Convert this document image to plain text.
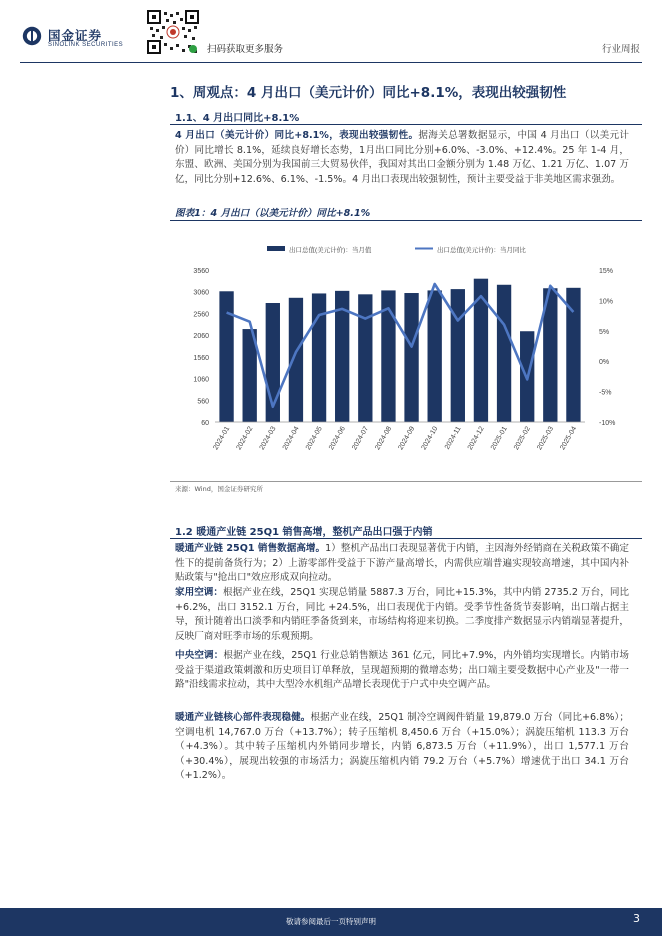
国金证券
SINOLINK SECURITIES	扫码获取更多服务	行业周报
1、周观点：4 月出口（美元计价）同比+8.1%，表现出较强韧性
1.1、4 月出口同比+8.1%
4 月出口（美元计价）同比+8.1%，表现出较强韧性。据海关总署数据显示，中国 4 月出口（以美元计价）同比增长 8.1%，延续良好增长态势，1月出口同比分别+6.0%、-3.0%、+12.4%。25 年 1-4 月，东盟、欧洲、美国分别为我国前三大贸易伙伴，我国对其出口金额分别为 1.48 万亿、1.21 万亿、1.07 万亿，同比分别+12.6%、6.1%、-1.5%。4 月出口表现出较强韧性，预计主要受益于非美地区需求强劲。
图表1：4 月出口（以美元计价）同比+8.1%
出口总值(美元计价)：当月值	出口总值(美元计价)：当月同比
60
560
1060
1560
2060
2560
3060
3560
-10%
-5%
0%
5%
10%
15%
2024-01 2024-02 2024-03 2024-04 2024-05 2024-06 2024-07 2024-08 2024-09 2024-10 2024-11 2024-12 2025-01 2025-02 2025-03 2025-04
来源：Wind，国金证券研究所
1.2 暖通产业链 25Q1 销售高增，整机产品出口强于内销
暖通产业链 25Q1 销售数据高增。1）整机产品出口表现显著优于内销，主因海外经销商在关税政策不确定性下的提前备货行为；2）上游零部件受益于下游产量高增长，内需供应端普遍实现较高增速，其中国内补贴政策与"抢出口"效应形成双向拉动。
家用空调：根据产业在线，25Q1 实现总销量 5887.3 万台，同比+15.3%，其中内销 2735.2 万台，同比 +6.2%，出口 3152.1 万台，同比 +24.5%，出口表现优于内销。受季节性备货节奏影响，出口端占据主导，预计随着出口淡季和内销旺季备货到来，市场结构将迎来切换。二季度排产数据显示内销端显著提升，反映厂商对旺季市场的乐观预期。
中央空调：根据产业在线，25Q1 行业总销售额达 361 亿元，同比+7.9%，内外销均实现增长。内销市场受益于渠道政策刺激和历史项目订单释放，呈现超预期的微增态势；出口端主要受数据中心产业及"一带一路"沿线需求拉动，其中大型冷水机组产品增长表现优于户式中央空调产品。
暖通产业链核心部件表现稳健。根据产业在线，25Q1 制冷空调阀件销量 19,879.0 万台（同比+6.8%）；空调电机 14,767.0 万台（+13.7%）；转子压缩机 8,450.6 万台（+15.0%）；涡旋压缩机 113.3 万台（+4.3%）。其中转子压缩机内外销同步增长，内销 6,873.5 万台（+11.9%），出口 1,577.1 万台（+30.4%），展现出较强的市场活力；涡旋压缩机内销 79.2 万台（+5.7%）增速优于出口 34.1 万台（+1.2%）。
敬请参阅最后一页特别声明	3
